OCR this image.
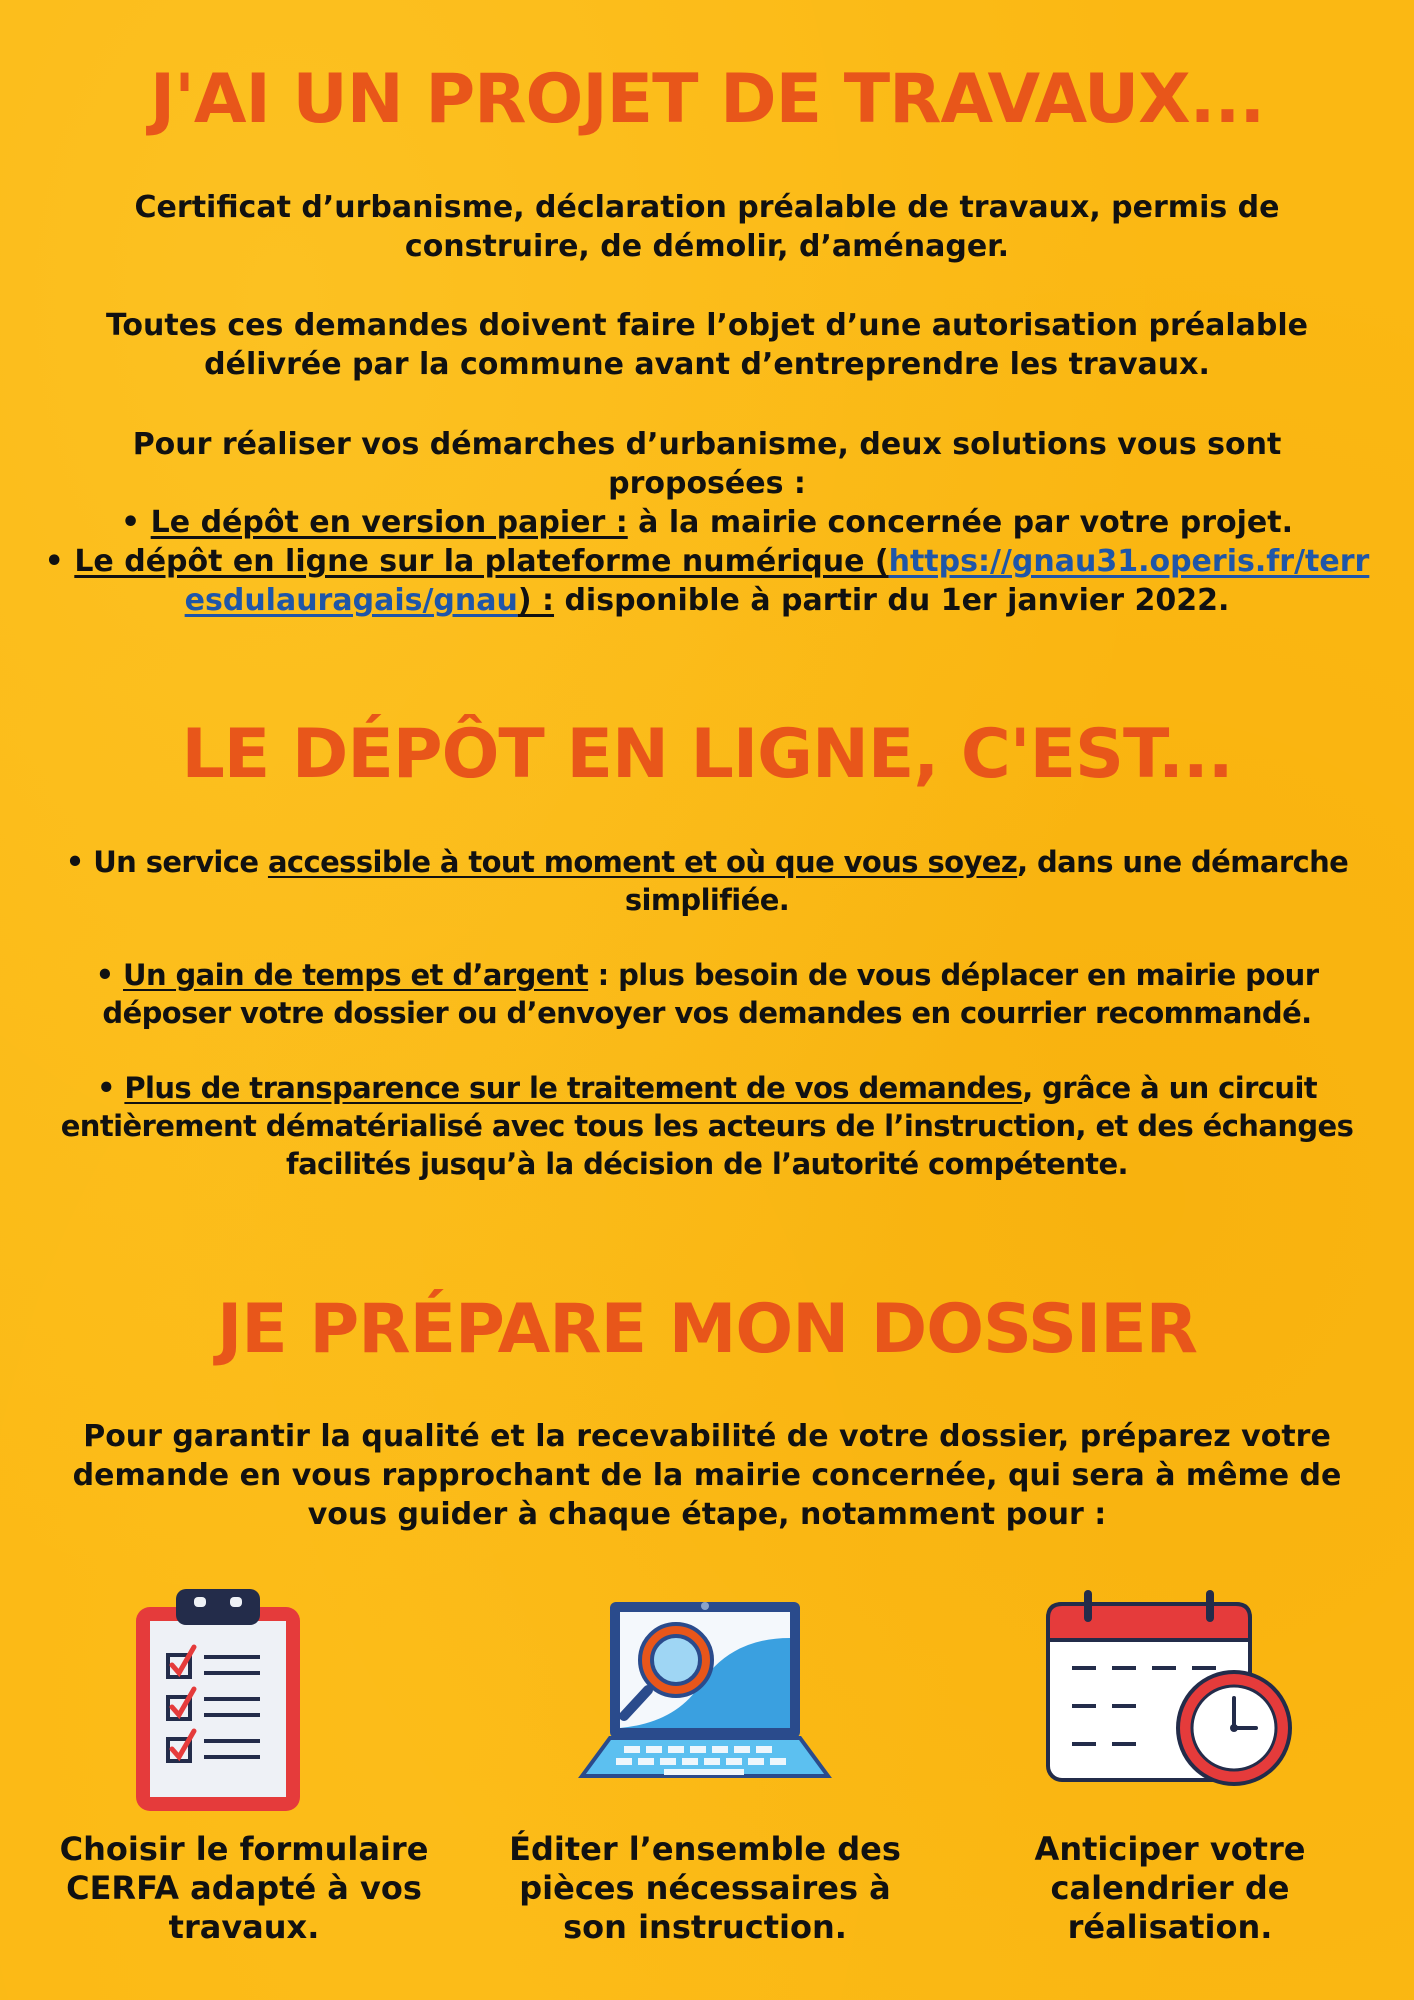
J'AI UN PROJET DE TRAVAUX...

Certificat d’urbanisme, déclaration préalable de travaux, permis de construire, de démolir, d’aménager.

Toutes ces demandes doivent faire l’objet d’une autorisation préalable délivrée par la commune avant d’entreprendre les travaux.

Pour réaliser vos démarches d’urbanisme, deux solutions vous sont proposées :

• Le dépôt en version papier : à la mairie concernée par votre projet.

• Le dépôt en ligne sur la plateforme numérique (https://gnau31.operis.fr/terresdulauragais/gnau) : disponible à partir du 1er janvier 2022.

LE DÉPÔT EN LIGNE, C'EST...

• Un service accessible à tout moment et où que vous soyez, dans une démarche simplifiée.

• Un gain de temps et d’argent : plus besoin de vous déplacer en mairie pour déposer votre dossier ou d’envoyer vos demandes en courrier recommandé.

• Plus de transparence sur le traitement de vos demandes, grâce à un circuit entièrement dématérialisé avec tous les acteurs de l’instruction, et des échanges facilités jusqu’à la décision de l’autorité compétente.

JE PRÉPARE MON DOSSIER

Pour garantir la qualité et la recevabilité de votre dossier, préparez votre demande en vous rapprochant de la mairie concernée, qui sera à même de vous guider à chaque étape, notamment pour :

Choisir le formulaire CERFA adapté à vos travaux.
Éditer l’ensemble des pièces nécessaires à son instruction.
Anticiper votre calendrier de réalisation.
